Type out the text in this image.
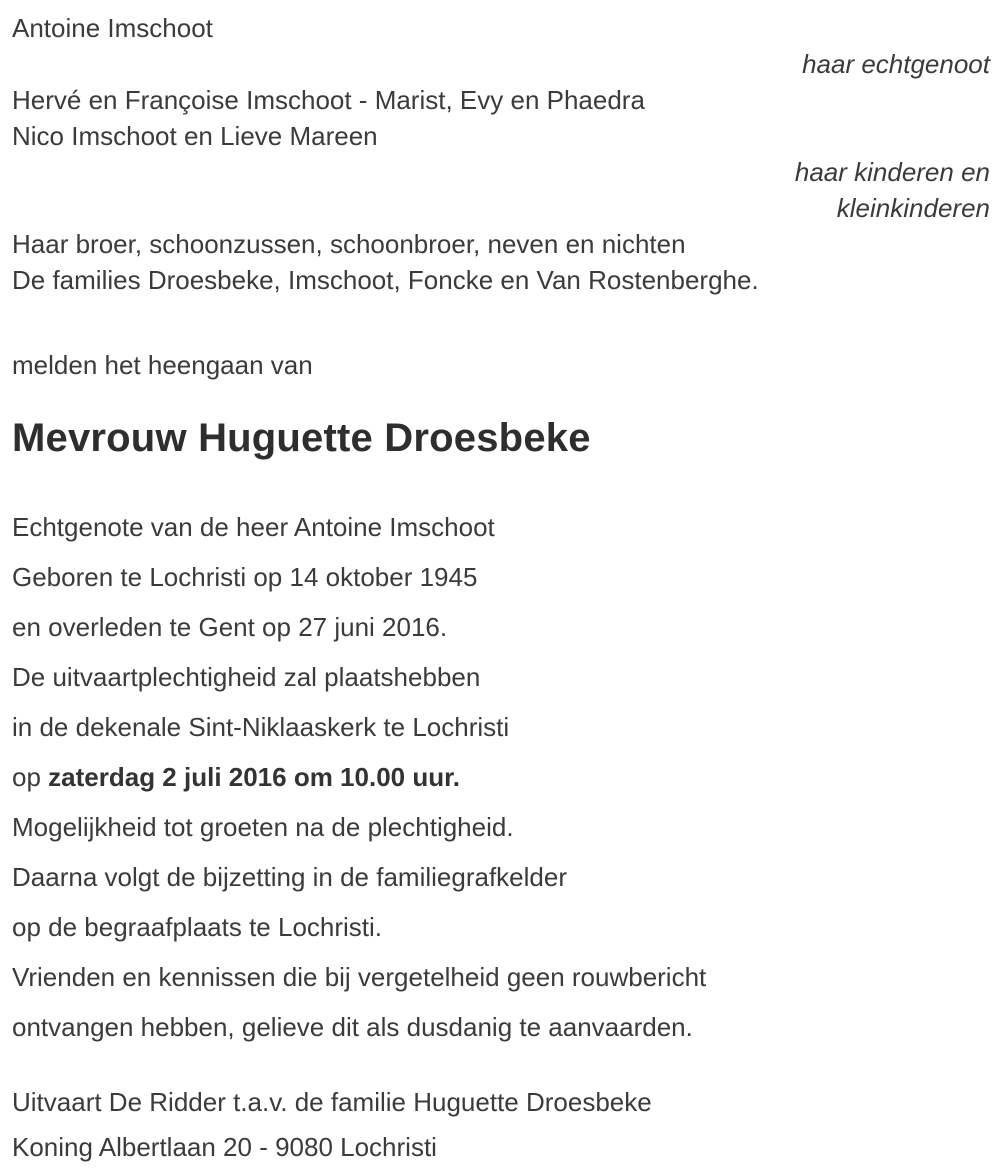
Antoine Imschoot
haar echtgenoot
Hervé en Françoise Imschoot - Marist, Evy en Phaedra
Nico Imschoot en Lieve Mareen
haar kinderen en
kleinkinderen
Haar broer, schoonzussen, schoonbroer, neven en nichten
De families Droesbeke, Imschoot, Foncke en Van Rostenberghe.
melden het heengaan van
Mevrouw Huguette Droesbeke
Echtgenote van de heer Antoine Imschoot
Geboren te Lochristi op 14 oktober 1945
en overleden te Gent op 27 juni 2016.
De uitvaartplechtigheid zal plaatshebben
in de dekenale Sint-Niklaaskerk te Lochristi
op zaterdag 2 juli 2016 om 10.00 uur.
Mogelijkheid tot groeten na de plechtigheid.
Daarna volgt de bijzetting in de familiegrafkelder
op de begraafplaats te Lochristi.
Vrienden en kennissen die bij vergetelheid geen rouwbericht
ontvangen hebben, gelieve dit als dusdanig te aanvaarden.
Uitvaart De Ridder t.a.v. de familie Huguette Droesbeke
Koning Albertlaan 20 - 9080 Lochristi
